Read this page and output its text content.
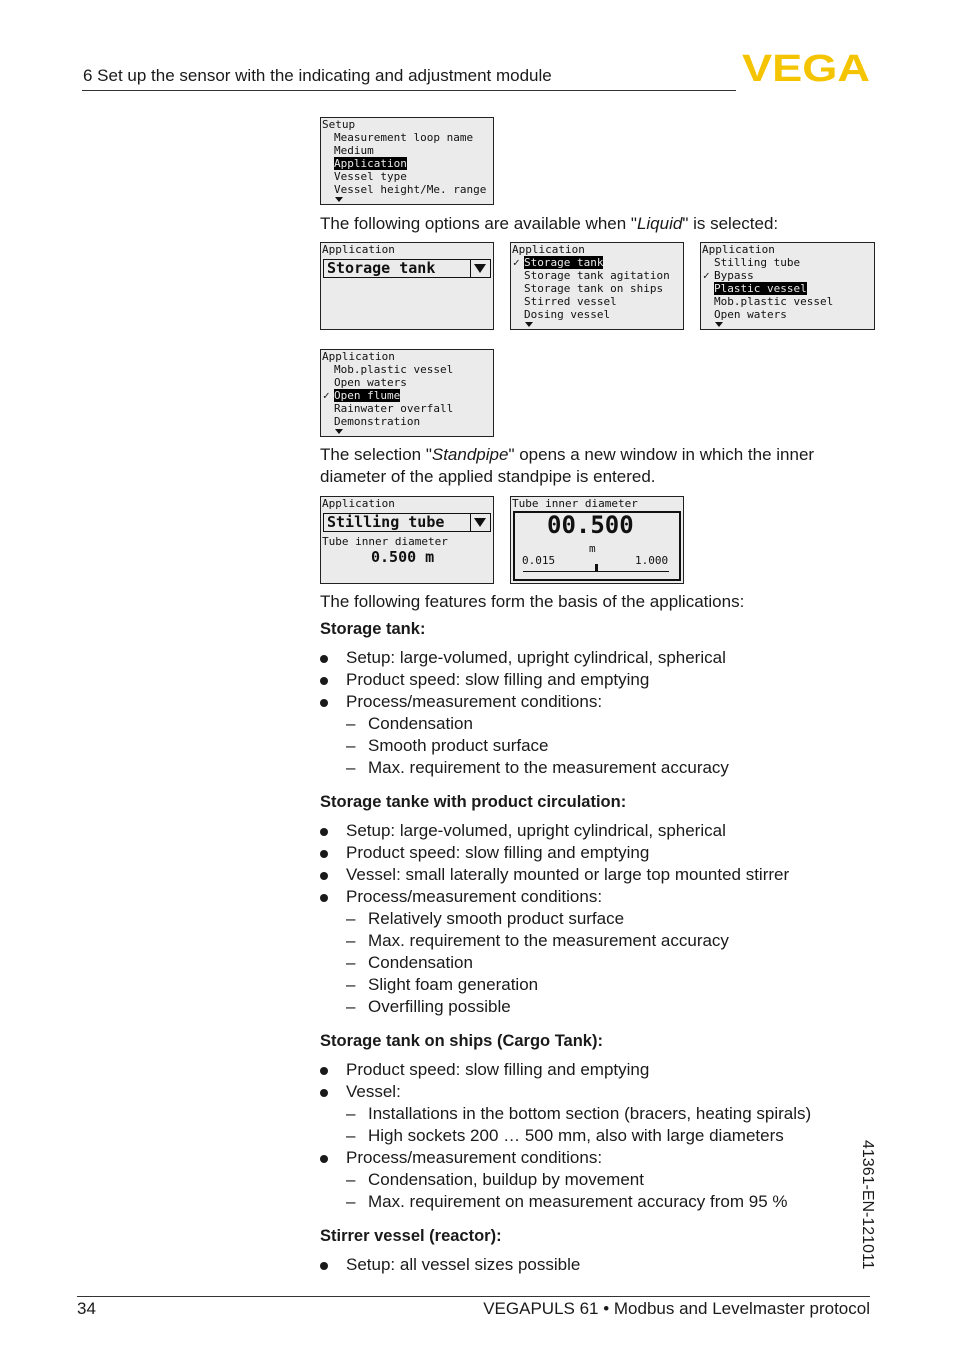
6 Set up the sensor with the indicating and adjustment module	VEGA
Setup
Measurement loop name
Medium
Application
Vessel type
Vessel height/Me. range
The following options are available when "Liquid" is selected:
Application
Storage tank
Application
✓ Storage tank
Storage tank agitation
Storage tank on ships
Stirred vessel
Dosing vessel
Application
Stilling tube
✓ Bypass
Plastic vessel
Mob.plastic vessel
Open waters
Application
Mob.plastic vessel
Open waters
✓ Open flume
Rainwater overfall
Demonstration
The selection "Standpipe" opens a new window in which the inner
diameter of the applied standpipe is entered.
Application
Stilling tube
Tube inner diameter
0.500 m
Tube inner diameter
00.500
m
0.015	1.000
The following features form the basis of the applications:
Storage tank:
Setup: large-volumed, upright cylindrical, spherical
Product speed: slow filling and emptying
Process/measurement conditions:
– Condensation
– Smooth product surface
– Max. requirement to the measurement accuracy
Storage tanke with product circulation:
Setup: large-volumed, upright cylindrical, spherical
Product speed: slow filling and emptying
Vessel: small laterally mounted or large top mounted stirrer
Process/measurement conditions:
– Relatively smooth product surface
– Max. requirement to the measurement accuracy
– Condensation
– Slight foam generation
– Overfilling possible
Storage tank on ships (Cargo Tank):
Product speed: slow filling and emptying
Vessel:
– Installations in the bottom section (bracers, heating spirals)
– High sockets 200 … 500 mm, also with large diameters
Process/measurement conditions:
– Condensation, buildup by movement
– Max. requirement on measurement accuracy from 95 %
Stirrer vessel (reactor):
Setup: all vessel sizes possible	41361-EN-121011
34	VEGAPULS 61 • Modbus and Levelmaster protocol
